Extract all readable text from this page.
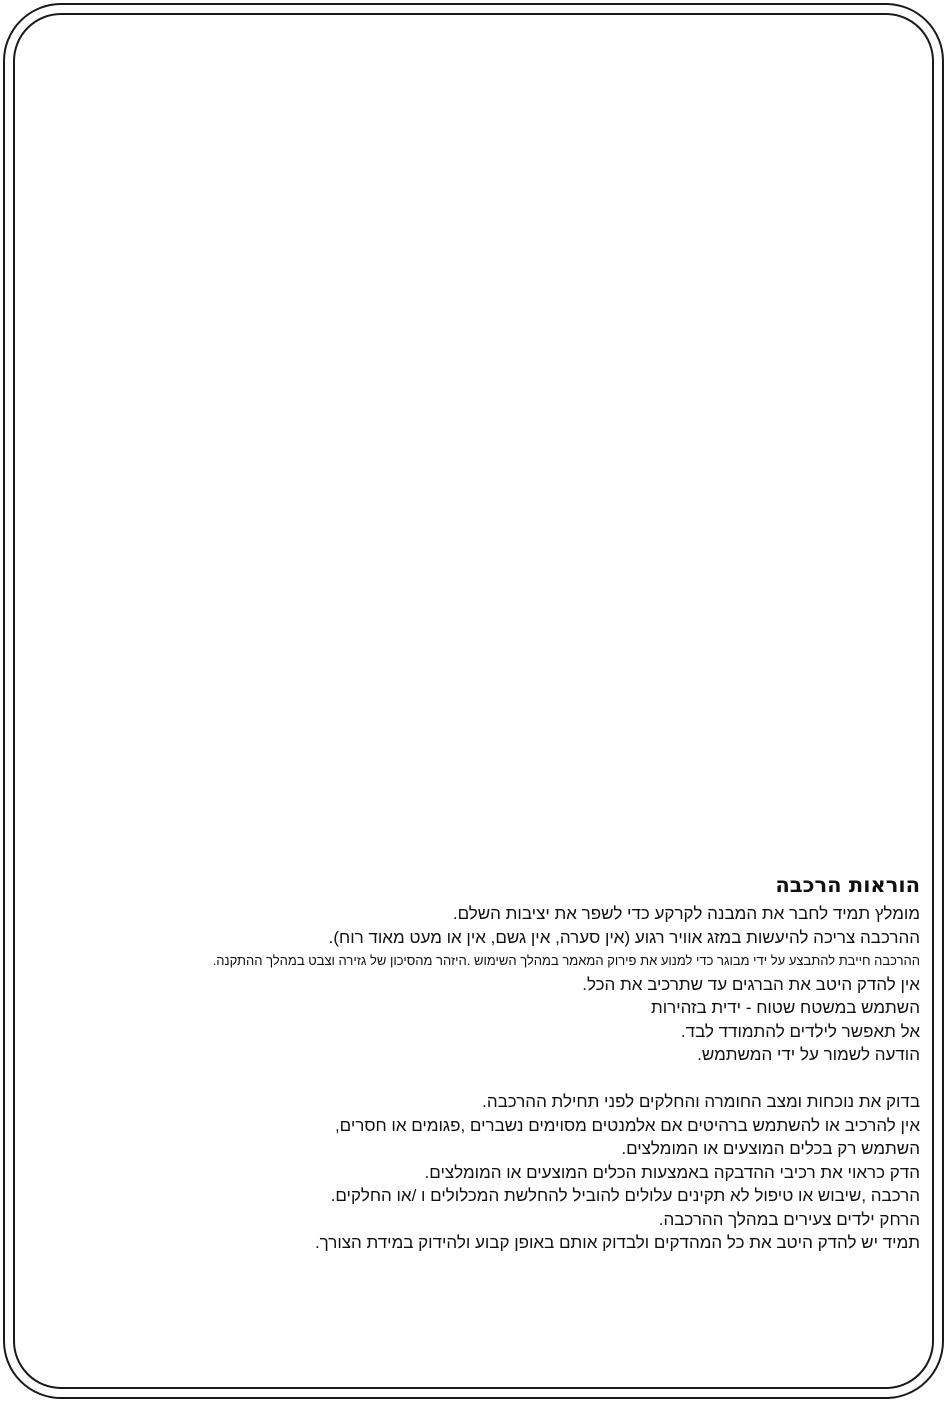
הוראות הרכבה
מומלץ תמיד לחבר את המבנה לקרקע כדי לשפר את יציבות השלם.
ההרכבה צריכה להיעשות במזג אוויר רגוע (אין סערה, אין גשם, אין או מעט מאוד רוח).
ההרכבה חייבת להתבצע על ידי מבוגר כדי למנוע את פירוק המאמר במהלך השימוש .היזהר מהסיכון של גזירה וצבט במהלך ההתקנה.
אין להדק היטב את הברגים עד שתרכיב את הכל.
השתמש במשטח שטוח - ידית בזהירות
אל תאפשר לילדים להתמודד לבד.
הודעה לשמור על ידי המשתמש.
בדוק את נוכחות ומצב החומרה והחלקים לפני תחילת ההרכבה.
אין להרכיב או להשתמש ברהיטים אם אלמנטים מסוימים נשברים ,פגומים או חסרים,
השתמש רק בכלים המוצעים או המומלצים.
הדק כראוי את רכיבי ההדבקה באמצעות הכלים המוצעים או המומלצים.
הרכבה ,שיבוש או טיפול לא תקינים עלולים להוביל להחלשת המכלולים ו /או החלקים.
הרחק ילדים צעירים במהלך ההרכבה.
תמיד יש להדק היטב את כל המהדקים ולבדוק אותם באופן קבוע ולהידוק במידת הצורך.
